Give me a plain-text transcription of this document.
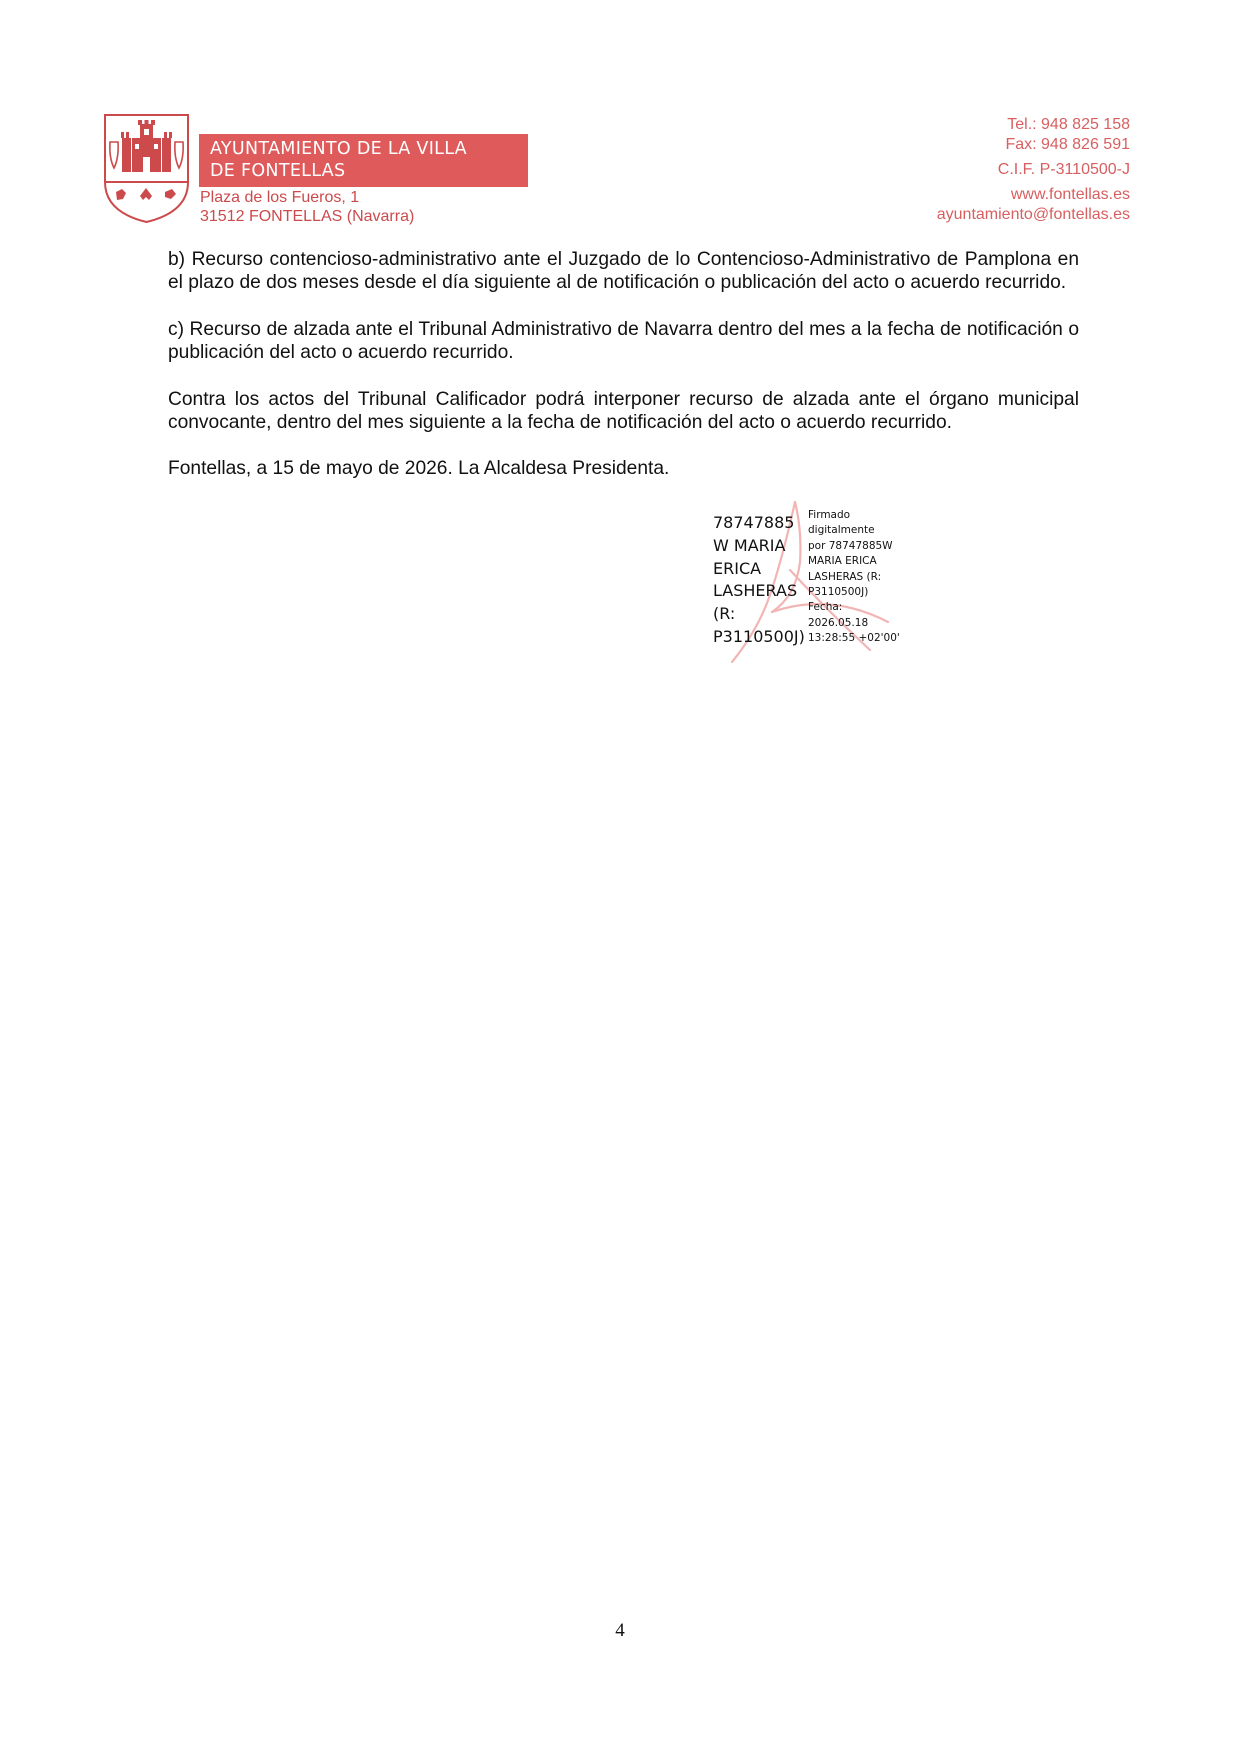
AYUNTAMIENTO DE LA VILLA
DE FONTELLAS
Plaza de los Fueros, 1
31512 FONTELLAS (Navarra)
Tel.: 948 825 158
Fax: 948 826 591
C.I.F. P-3110500-J
www.fontellas.es
ayuntamiento@fontellas.es

b) Recurso contencioso-administrativo ante el Juzgado de lo Contencioso-Administrativo de Pamplona en el plazo de dos meses desde el día siguiente al de notificación o publicación del acto o acuerdo recurrido.

c) Recurso de alzada ante el Tribunal Administrativo de Navarra dentro del mes a la fecha de notificación o publicación del acto o acuerdo recurrido.

Contra los actos del Tribunal Calificador podrá interponer recurso de alzada ante el órgano municipal convocante, dentro del mes siguiente a la fecha de notificación del acto o acuerdo recurrido.

Fontellas, a 15 de mayo de 2026. La Alcaldesa Presidenta.

78747885
W MARIA
ERICA
LASHERAS
(R:
P3110500J)
Firmado
digitalmente
por 78747885W
MARIA ERICA
LASHERAS (R:
P3110500J)
Fecha:
2026.05.18
13:28:55 +02'00'
4
